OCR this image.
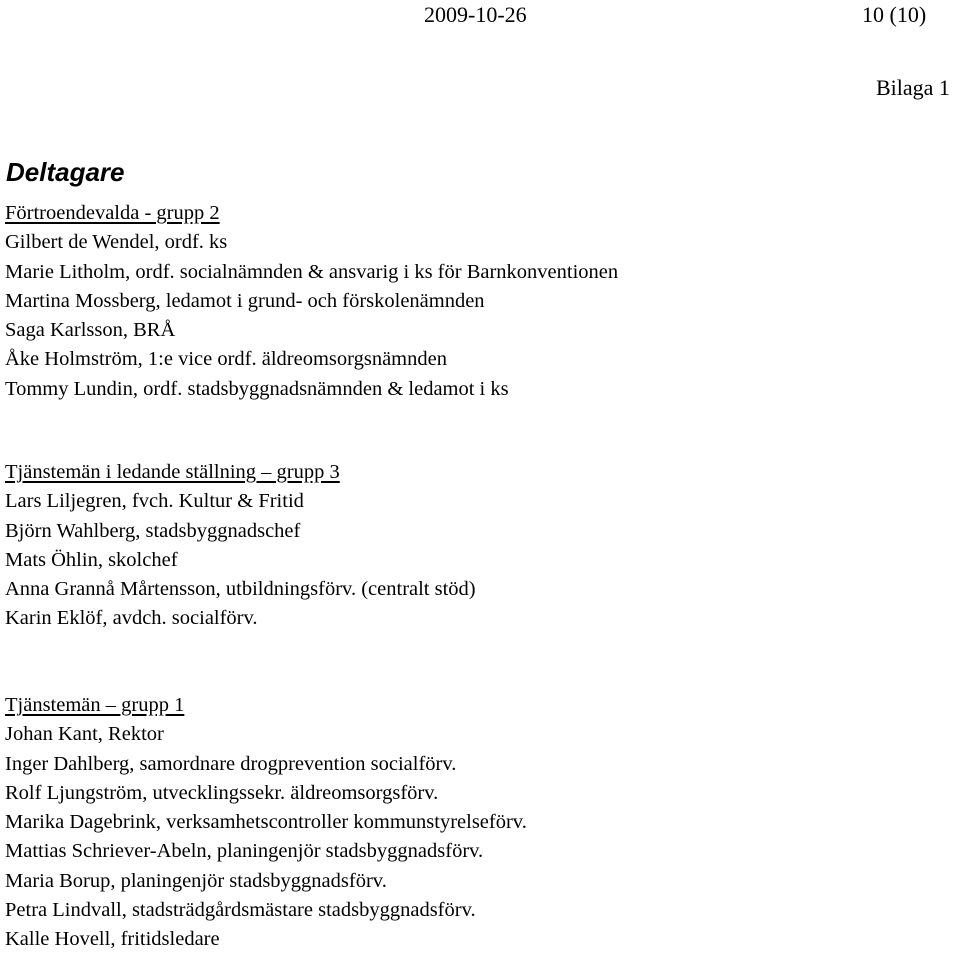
2009-10-26	10 (10)
Bilaga 1
Deltagare
Förtroendevalda - grupp 2
Gilbert de Wendel, ordf. ks
Marie Litholm, ordf. socialnämnden & ansvarig i ks för Barnkonventionen
Martina Mossberg, ledamot i grund- och förskolenämnden
Saga Karlsson, BRÅ
Åke Holmström, 1:e vice ordf. äldreomsorgsnämnden
Tommy Lundin, ordf. stadsbyggnadsnämnden & ledamot i ks
Tjänstemän i ledande ställning – grupp 3
Lars Liljegren, fvch. Kultur & Fritid
Björn Wahlberg, stadsbyggnadschef
Mats Öhlin, skolchef
Anna Grannå Mårtensson, utbildningsförv. (centralt stöd)
Karin Eklöf, avdch. socialförv.
Tjänstemän – grupp 1
Johan Kant, Rektor
Inger Dahlberg, samordnare drogprevention socialförv.
Rolf Ljungström, utvecklingssekr. äldreomsorgsförv.
Marika Dagebrink, verksamhetscontroller kommunstyrelseförv.
Mattias Schriever-Abeln, planingenjör stadsbyggnadsförv.
Maria Borup, planingenjör stadsbyggnadsförv.
Petra Lindvall, stadsträdgårdsmästare stadsbyggnadsförv.
Kalle Hovell, fritidsledare
